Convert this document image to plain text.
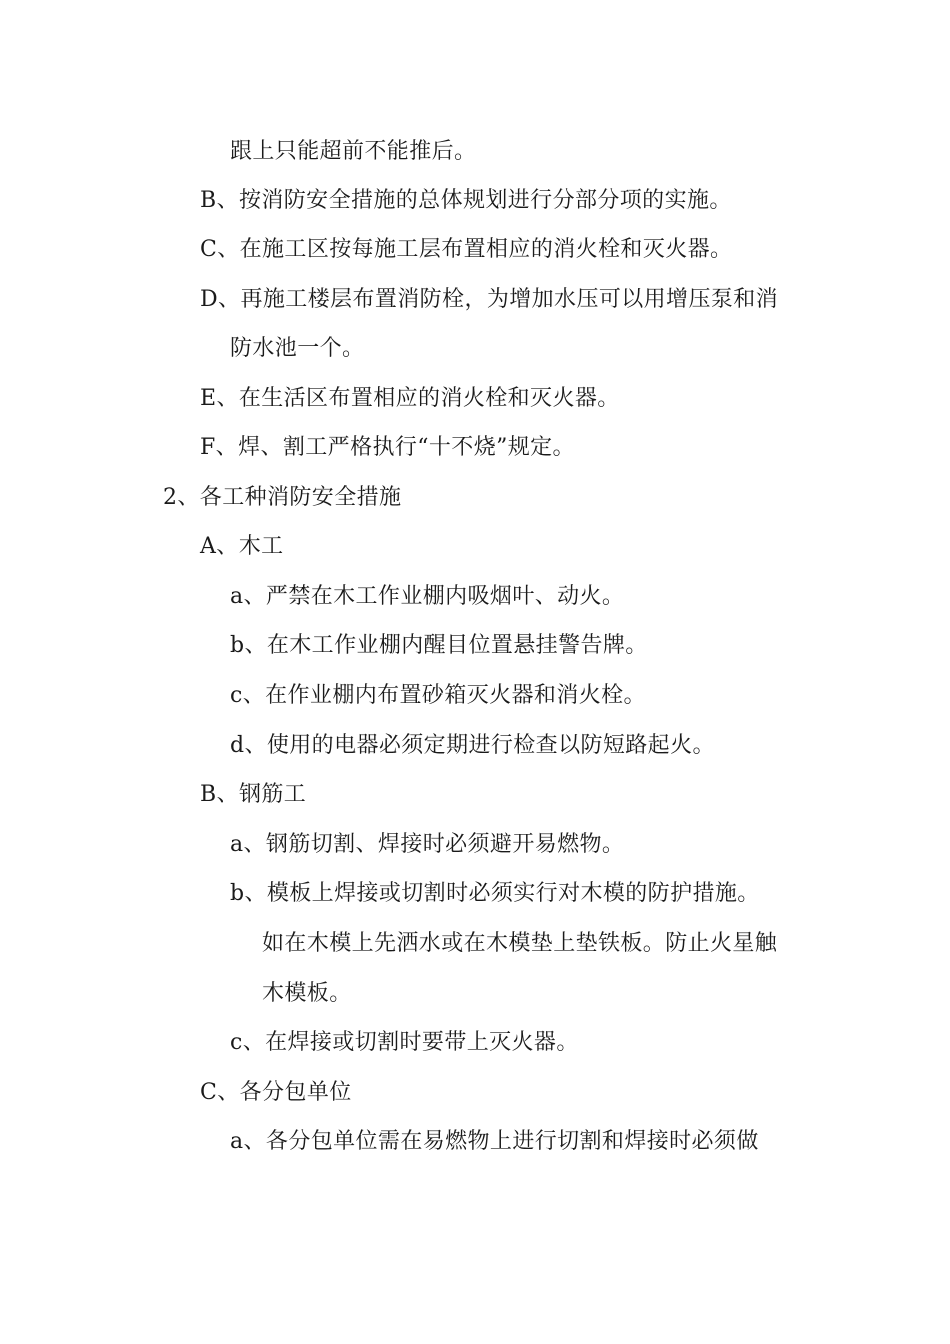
跟上只能超前不能推后。
B、按消防安全措施的总体规划进行分部分项的实施。
C、在施工区按每施工层布置相应的消火栓和灭火器。
D、再施工楼层布置消防栓，为增加水压可以用增压泵和消
防水池一个。
E、在生活区布置相应的消火栓和灭火器。
F、焊、割工严格执行“十不烧”规定。
2、各工种消防安全措施
A、木工
a、严禁在木工作业棚内吸烟叶、动火。
b、在木工作业棚内醒目位置悬挂警告牌。
c、在作业棚内布置砂箱灭火器和消火栓。
d、使用的电器必须定期进行检查以防短路起火。
B、钢筋工
a、钢筋切割、焊接时必须避开易燃物。
b、模板上焊接或切割时必须实行对木模的防护措施。
如在木模上先洒水或在木模垫上垫铁板。防止火星触
木模板。
c、在焊接或切割时要带上灭火器。
C、各分包单位
a、各分包单位需在易燃物上进行切割和焊接时必须做
